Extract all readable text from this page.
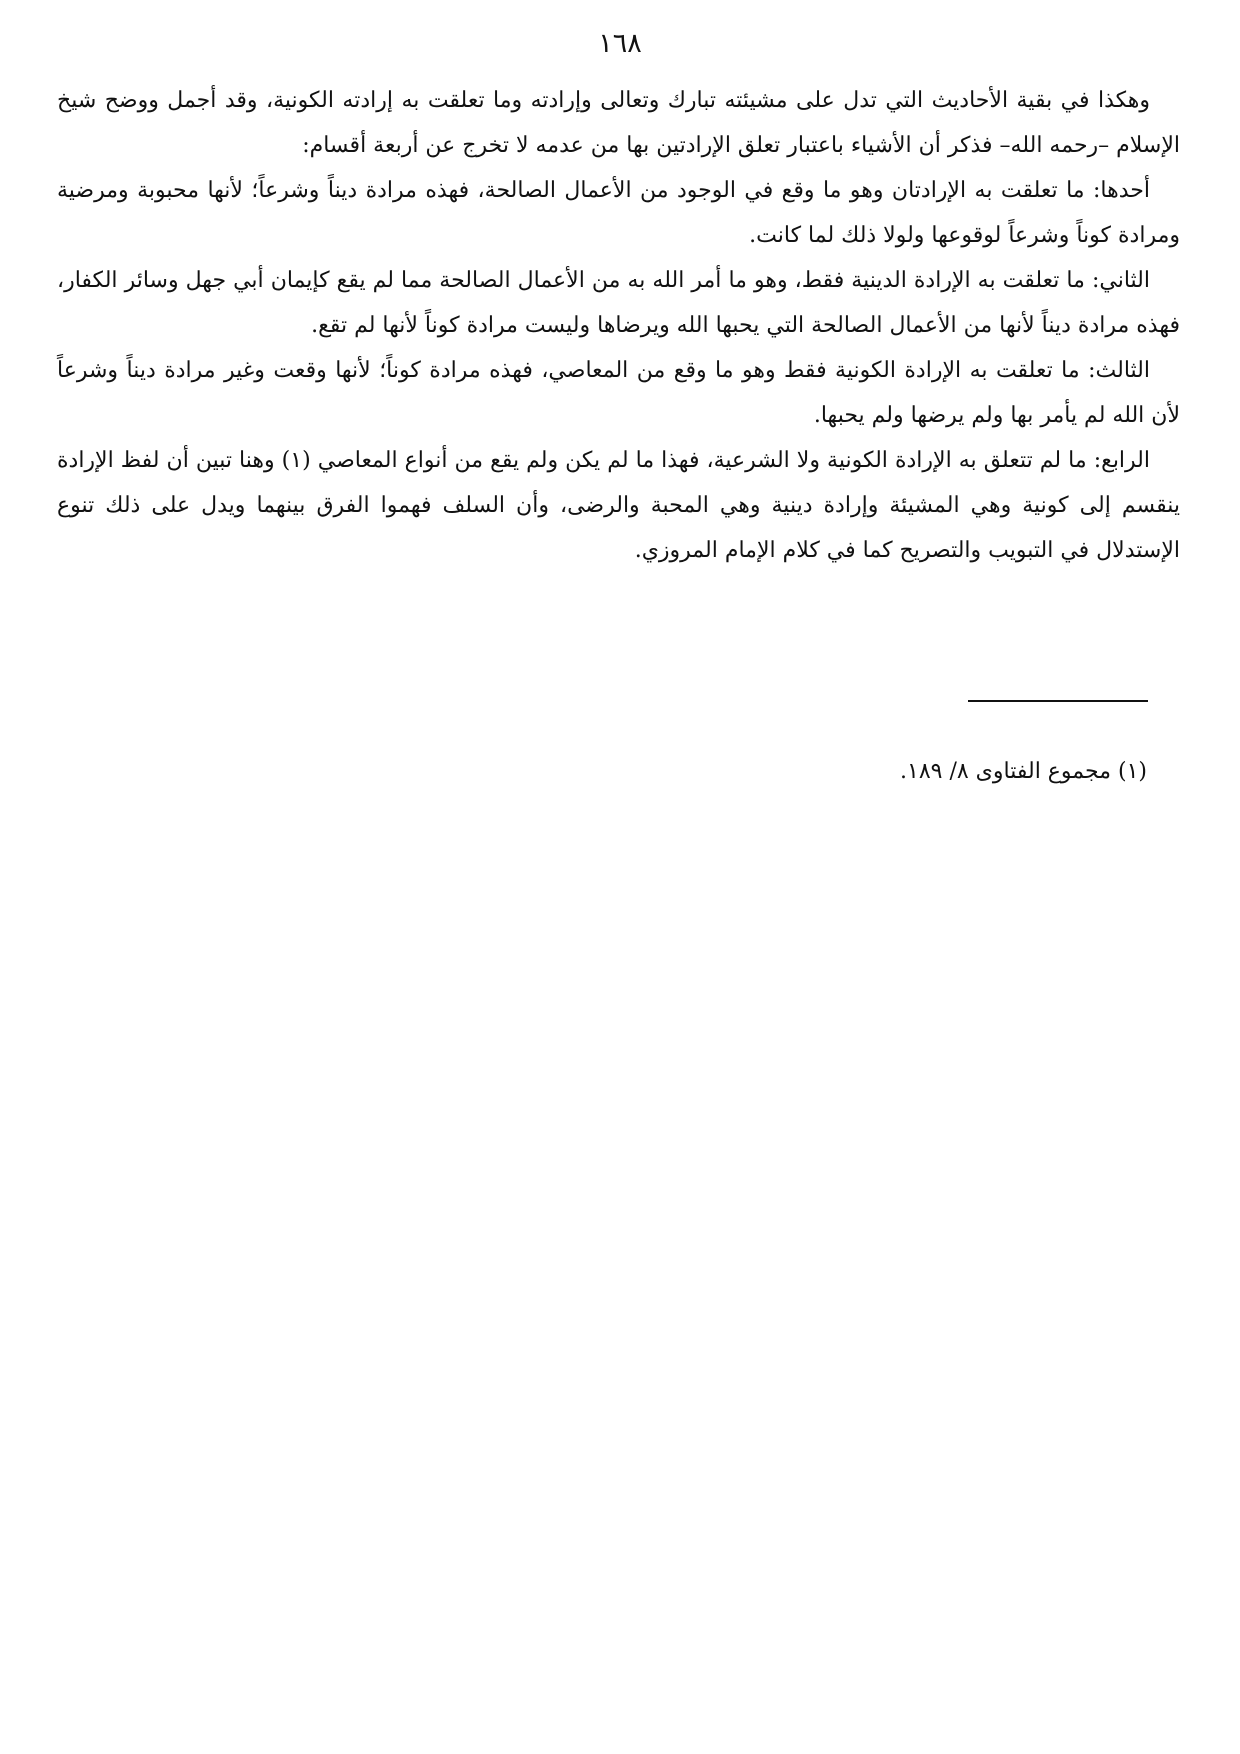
١٦٨

وهكذا في بقية الأحاديث التي تدل على مشيئته تبارك وتعالى وإرادته وما تعلقت به إرادته الكونية، وقد أجمل ووضح شيخ الإسلام –رحمه الله– فذكر أن الأشياء باعتبار تعلق الإرادتين بها من عدمه لا تخرج عن أربعة أقسام:

أحدها: ما تعلقت به الإرادتان وهو ما وقع في الوجود من الأعمال الصالحة، فهذه مرادة ديناً وشرعاً؛ لأنها محبوبة ومرضية ومرادة كوناً وشرعاً لوقوعها ولولا ذلك لما كانت.

الثاني: ما تعلقت به الإرادة الدينية فقط، وهو ما أمر الله به من الأعمال الصالحة مما لم يقع كإيمان أبي جهل وسائر الكفار، فهذه مرادة ديناً لأنها من الأعمال الصالحة التي يحبها الله ويرضاها وليست مرادة كوناً لأنها لم تقع.

الثالث: ما تعلقت به الإرادة الكونية فقط وهو ما وقع من المعاصي، فهذه مرادة كوناً؛ لأنها وقعت وغير مرادة ديناً وشرعاً لأن الله لم يأمر بها ولم يرضها ولم يحبها.

الرابع: ما لم تتعلق به الإرادة الكونية ولا الشرعية، فهذا ما لم يكن ولم يقع من أنواع المعاصي (١) وهنا تبين أن لفظ الإرادة ينقسم إلى كونية وهي المشيئة وإرادة دينية وهي المحبة والرضى، وأن السلف فهموا الفرق بينهما ويدل على ذلك تنوع الإستدلال في التبويب والتصريح كما في كلام الإمام المروزي.

(١) مجموع الفتاوى ٨/ ١٨٩.
